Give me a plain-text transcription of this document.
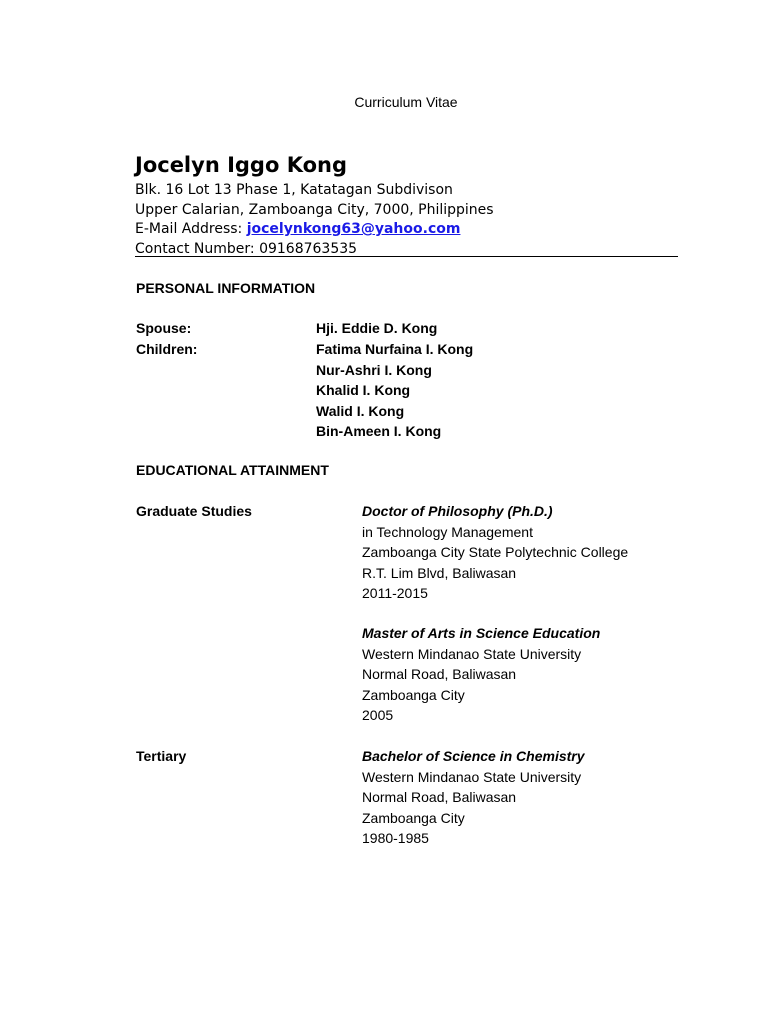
Curriculum Vitae
Jocelyn Iggo Kong
Blk. 16 Lot 13 Phase 1, Katatagan Subdivison
Upper Calarian, Zamboanga City, 7000, Philippines
E-Mail Address: jocelynkong63@yahoo.com
Contact Number: 09168763535
PERSONAL INFORMATION
Spouse:	Hji. Eddie D. Kong
Children:	Fatima Nurfaina I. Kong
Nur-Ashri I. Kong
Khalid I. Kong
Walid I. Kong
Bin-Ameen I. Kong
EDUCATIONAL ATTAINMENT
Graduate Studies	Doctor of Philosophy (Ph.D.)
in Technology Management
Zamboanga City State Polytechnic College
R.T. Lim Blvd, Baliwasan
2011-2015
Master of Arts in Science Education
Western Mindanao State University
Normal Road, Baliwasan
Zamboanga City
2005
Tertiary	Bachelor of Science in Chemistry
Western Mindanao State University
Normal Road, Baliwasan
Zamboanga City
1980-1985
